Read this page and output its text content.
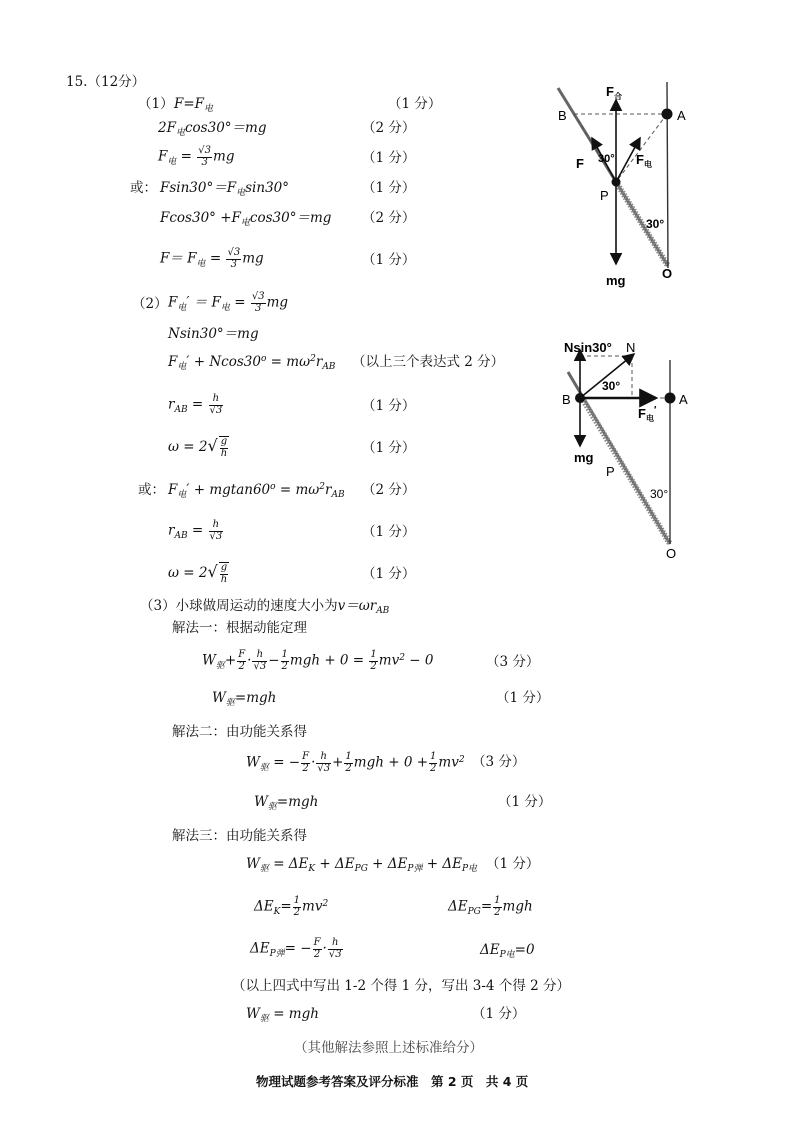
15.（12分）
（1） $F=F_电$	（1 分）
$2F_电\cos 30^\circ=mg$	（2 分）
$F_电 = \frac{√3}{3}$ mg	（1 分）
或： $Fsin30^\circ=F_电\sin 30^\circ$	（1 分）
$Fcos30^\circ +F_电\cos 30^\circ=mg$ （2 分）
$F= F_电 = \frac{√3}{3}$ mg	（1 分）
（2） $F_电' = F_电 = \frac{√3}{3}$ mg
Nsin30°＝mg
$F_电' + Ncos30^o = m\omega^2r_{AB}$ （以上三个表达式 2 分）
$r_{AB} = \frac{h}{√3}$	（1 分）
$\omega = 2√ \frac{g}{h}$	（1 分）
或： $F_电' + mgtan60^o = m\omega^2r_{AB}$ （2 分）
$r_{AB} = \frac{h}{√3}$	（1 分）
$\omega = 2√ \frac{g}{h}$	（1 分）
（3）小球做周运动的速度大小为$v=\omega r_{AB}$
解法一：根据动能定理
$W_驱+ \frac{F}{2} \cdot \frac{h}{√3} - \frac{1}{2}$ mgh + $0 = \frac{1}{2} mv^2 - 0$	（3 分）
$W_驱=mgh$	（1 分）
解法二：由功能关系得
$W_驱$ = − $\frac{F}{2} \cdot \frac{h}{√3} + \frac{1}{2}$ mgh + $0 + \frac{1}{2} mv^2$ （3 分）
$W_驱=mgh$	（1 分）
解法三：由功能关系得
$W_驱 = \Delta E_K + \Delta E_{PG} + \Delta E_{P弹} + \Delta E_{P电}$ （1 分）
$\Delta E_K= \frac{1}{2} mv^2$	$\Delta E_{PG}= \frac{1}{2}$ mgh
$\Delta E_{P弹}= - \frac{F}{2} \cdot \frac{h}{√3}$	$\Delta E_{P电}=0$
（以上四式中写出 1-2 个得 1 分，写出 3-4 个得 2 分）
$W_驱$ = mgh	（1 分）
（其他解法参照上述标准给分）
物理试题参考答案及评分标准　第 2 页　共 4 页
$F_合$
B	A
F 30° $F_电$
P
30°
mg	O
Nsin30° N
30°
B	A
$F_电'$
mg
P
30°
O
